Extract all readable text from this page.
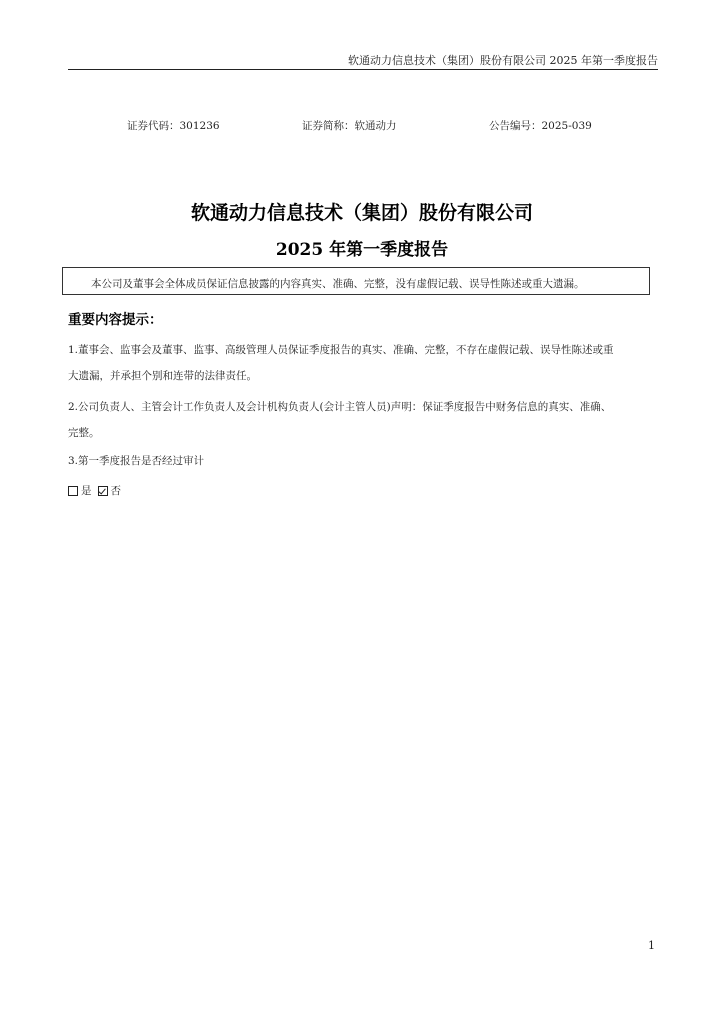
软通动力信息技术（集团）股份有限公司 2025 年第一季度报告
证券代码：301236	证券简称：软通动力	公告编号：2025-039
软通动力信息技术（集团）股份有限公司
2025 年第一季度报告
本公司及董事会全体成员保证信息披露的内容真实、准确、完整，没有虚假记载、误导性陈述或重大遗漏。
重要内容提示：
1.董事会、监事会及董事、监事、高级管理人员保证季度报告的真实、准确、完整，不存在虚假记载、误导性陈述或重
大遗漏，并承担个别和连带的法律责任。
2.公司负责人、主管会计工作负责人及会计机构负责人(会计主管人员)声明：保证季度报告中财务信息的真实、准确、
完整。
3.第一季度报告是否经过审计
是 否
1
